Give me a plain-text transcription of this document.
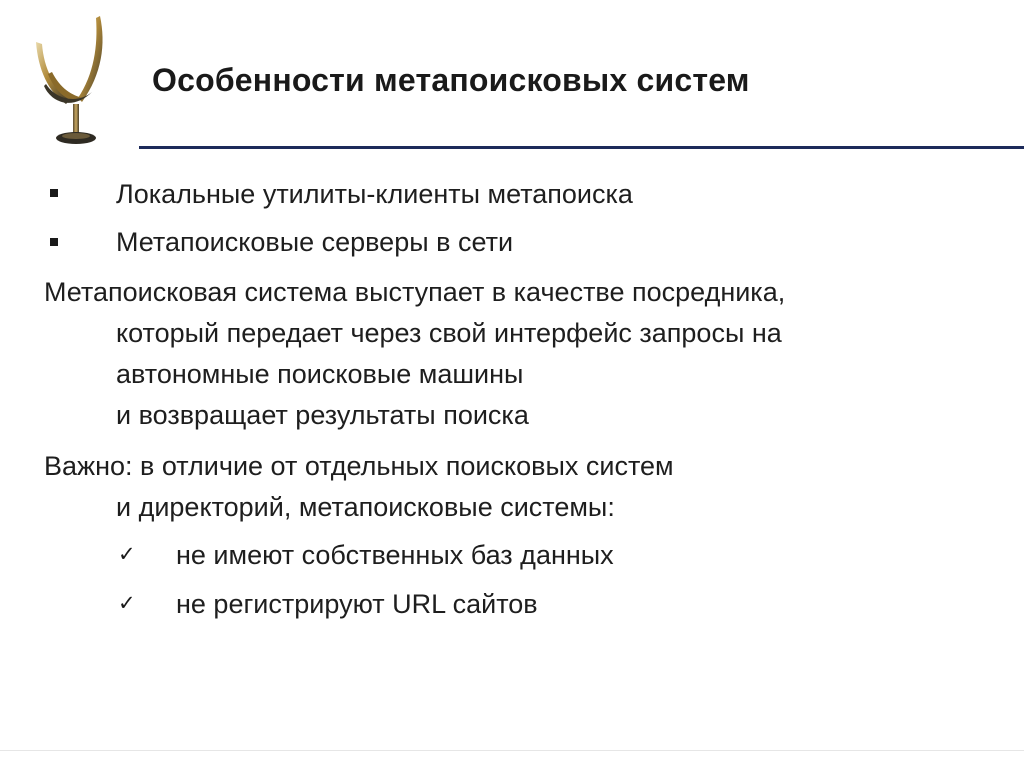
Особенности метапоисковых систем
Локальные утилиты-клиенты метапоиска
Метапоисковые серверы в сети
Метапоисковая система выступает в качестве посредника,
который передает через свой интерфейс запросы на
автономные поисковые машины
и возвращает результаты поиска
Важно: в отличие от отдельных поисковых систем
и директорий, метапоисковые системы:
✓ не имеют собственных баз данных
✓ не регистрируют URL сайтов
